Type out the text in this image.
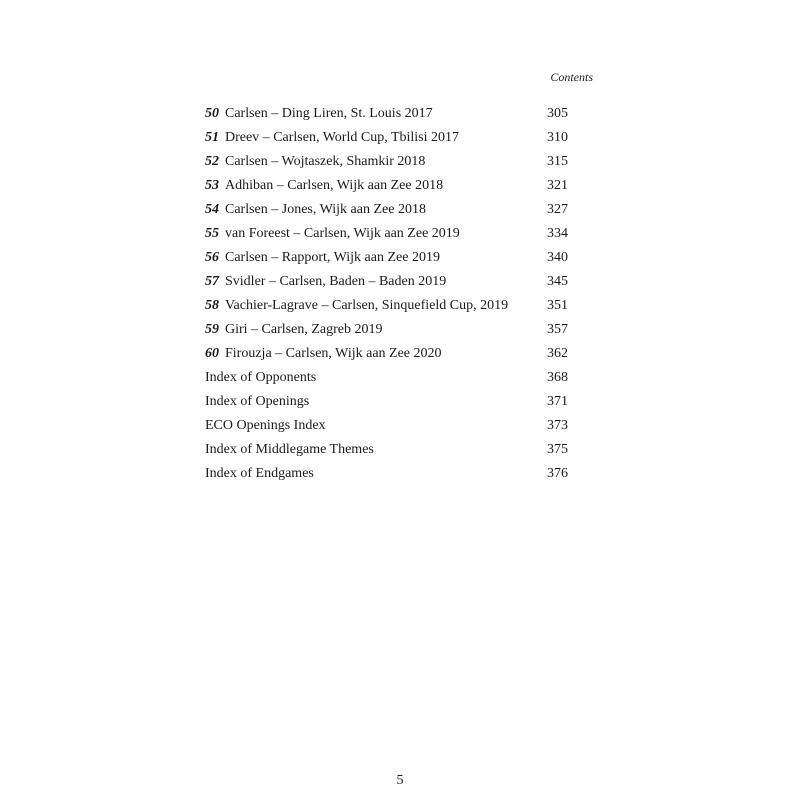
Contents
50 Carlsen – Ding Liren, St. Louis 2017	305
51 Dreev – Carlsen, World Cup, Tbilisi 2017	310
52 Carlsen – Wojtaszek, Shamkir 2018	315
53 Adhiban – Carlsen, Wijk aan Zee 2018	321
54 Carlsen – Jones, Wijk aan Zee 2018	327
55 van Foreest – Carlsen, Wijk aan Zee 2019	334
56 Carlsen – Rapport, Wijk aan Zee 2019	340
57 Svidler – Carlsen, Baden – Baden 2019	345
58 Vachier-Lagrave – Carlsen, Sinquefield Cup, 2019	351
59 Giri – Carlsen, Zagreb 2019	357
60 Firouzja – Carlsen, Wijk aan Zee 2020	362
Index of Opponents	368
Index of Openings	371
ECO Openings Index	373
Index of Middlegame Themes	375
Index of Endgames	376
5
